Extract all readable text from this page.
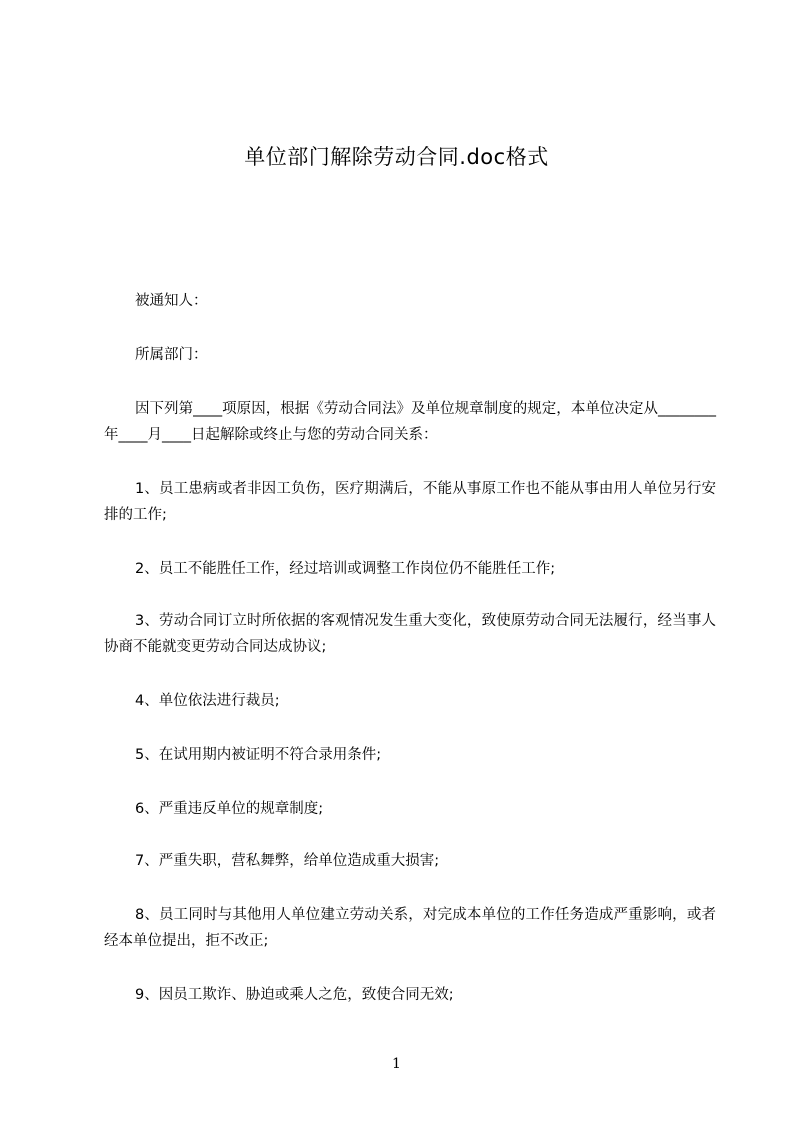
单位部门解除劳动合同.doc格式
被通知人：
所属部门：
因下列第____项原因，根据《劳动合同法》及单位规章制度的规定，本单位决定从________年____月____日起解除或终止与您的劳动合同关系：
1、员工患病或者非因工负伤，医疗期满后，不能从事原工作也不能从事由用人单位另行安排的工作;
2、员工不能胜任工作，经过培训或调整工作岗位仍不能胜任工作;
3、劳动合同订立时所依据的客观情况发生重大变化，致使原劳动合同无法履行，经当事人协商不能就变更劳动合同达成协议;
4、单位依法进行裁员;
5、在试用期内被证明不符合录用条件;
6、严重违反单位的规章制度;
7、严重失职，营私舞弊，给单位造成重大损害;
8、员工同时与其他用人单位建立劳动关系，对完成本单位的工作任务造成严重影响，或者经本单位提出，拒不改正;
9、因员工欺诈、胁迫或乘人之危，致使合同无效;
1
